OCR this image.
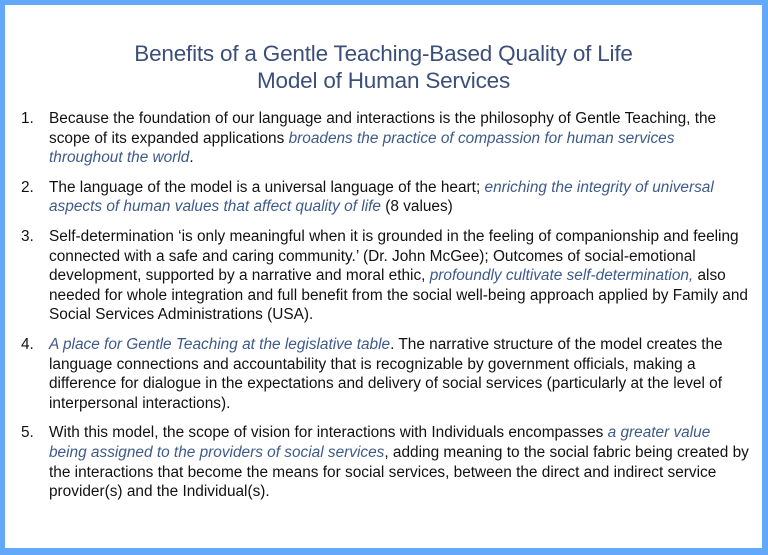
Benefits of a Gentle Teaching-Based Quality of Life
Model of Human Services
1. Because the foundation of our language and interactions is the philosophy of Gentle Teaching, the scope of its expanded applications broadens the practice of compassion for human services throughout the world.
2. The language of the model is a universal language of the heart; enriching the integrity of universal aspects of human values that affect quality of life (8 values)
3. Self-determination ‘is only meaningful when it is grounded in the feeling of companionship and feeling connected with a safe and caring community.’ (Dr. John McGee); Outcomes of social-emotional development, supported by a narrative and moral ethic, profoundly cultivate self-determination, also needed for whole integration and full benefit from the social well-being approach applied by Family and Social Services Administrations (USA).
4. A place for Gentle Teaching at the legislative table. The narrative structure of the model creates the language connections and accountability that is recognizable by government officials, making a difference for dialogue in the expectations and delivery of social services (particularly at the level of interpersonal interactions).
5. With this model, the scope of vision for interactions with Individuals encompasses a greater value being assigned to the providers of social services, adding meaning to the social fabric being created by the interactions that become the means for social services, between the direct and indirect service provider(s) and the Individual(s).
